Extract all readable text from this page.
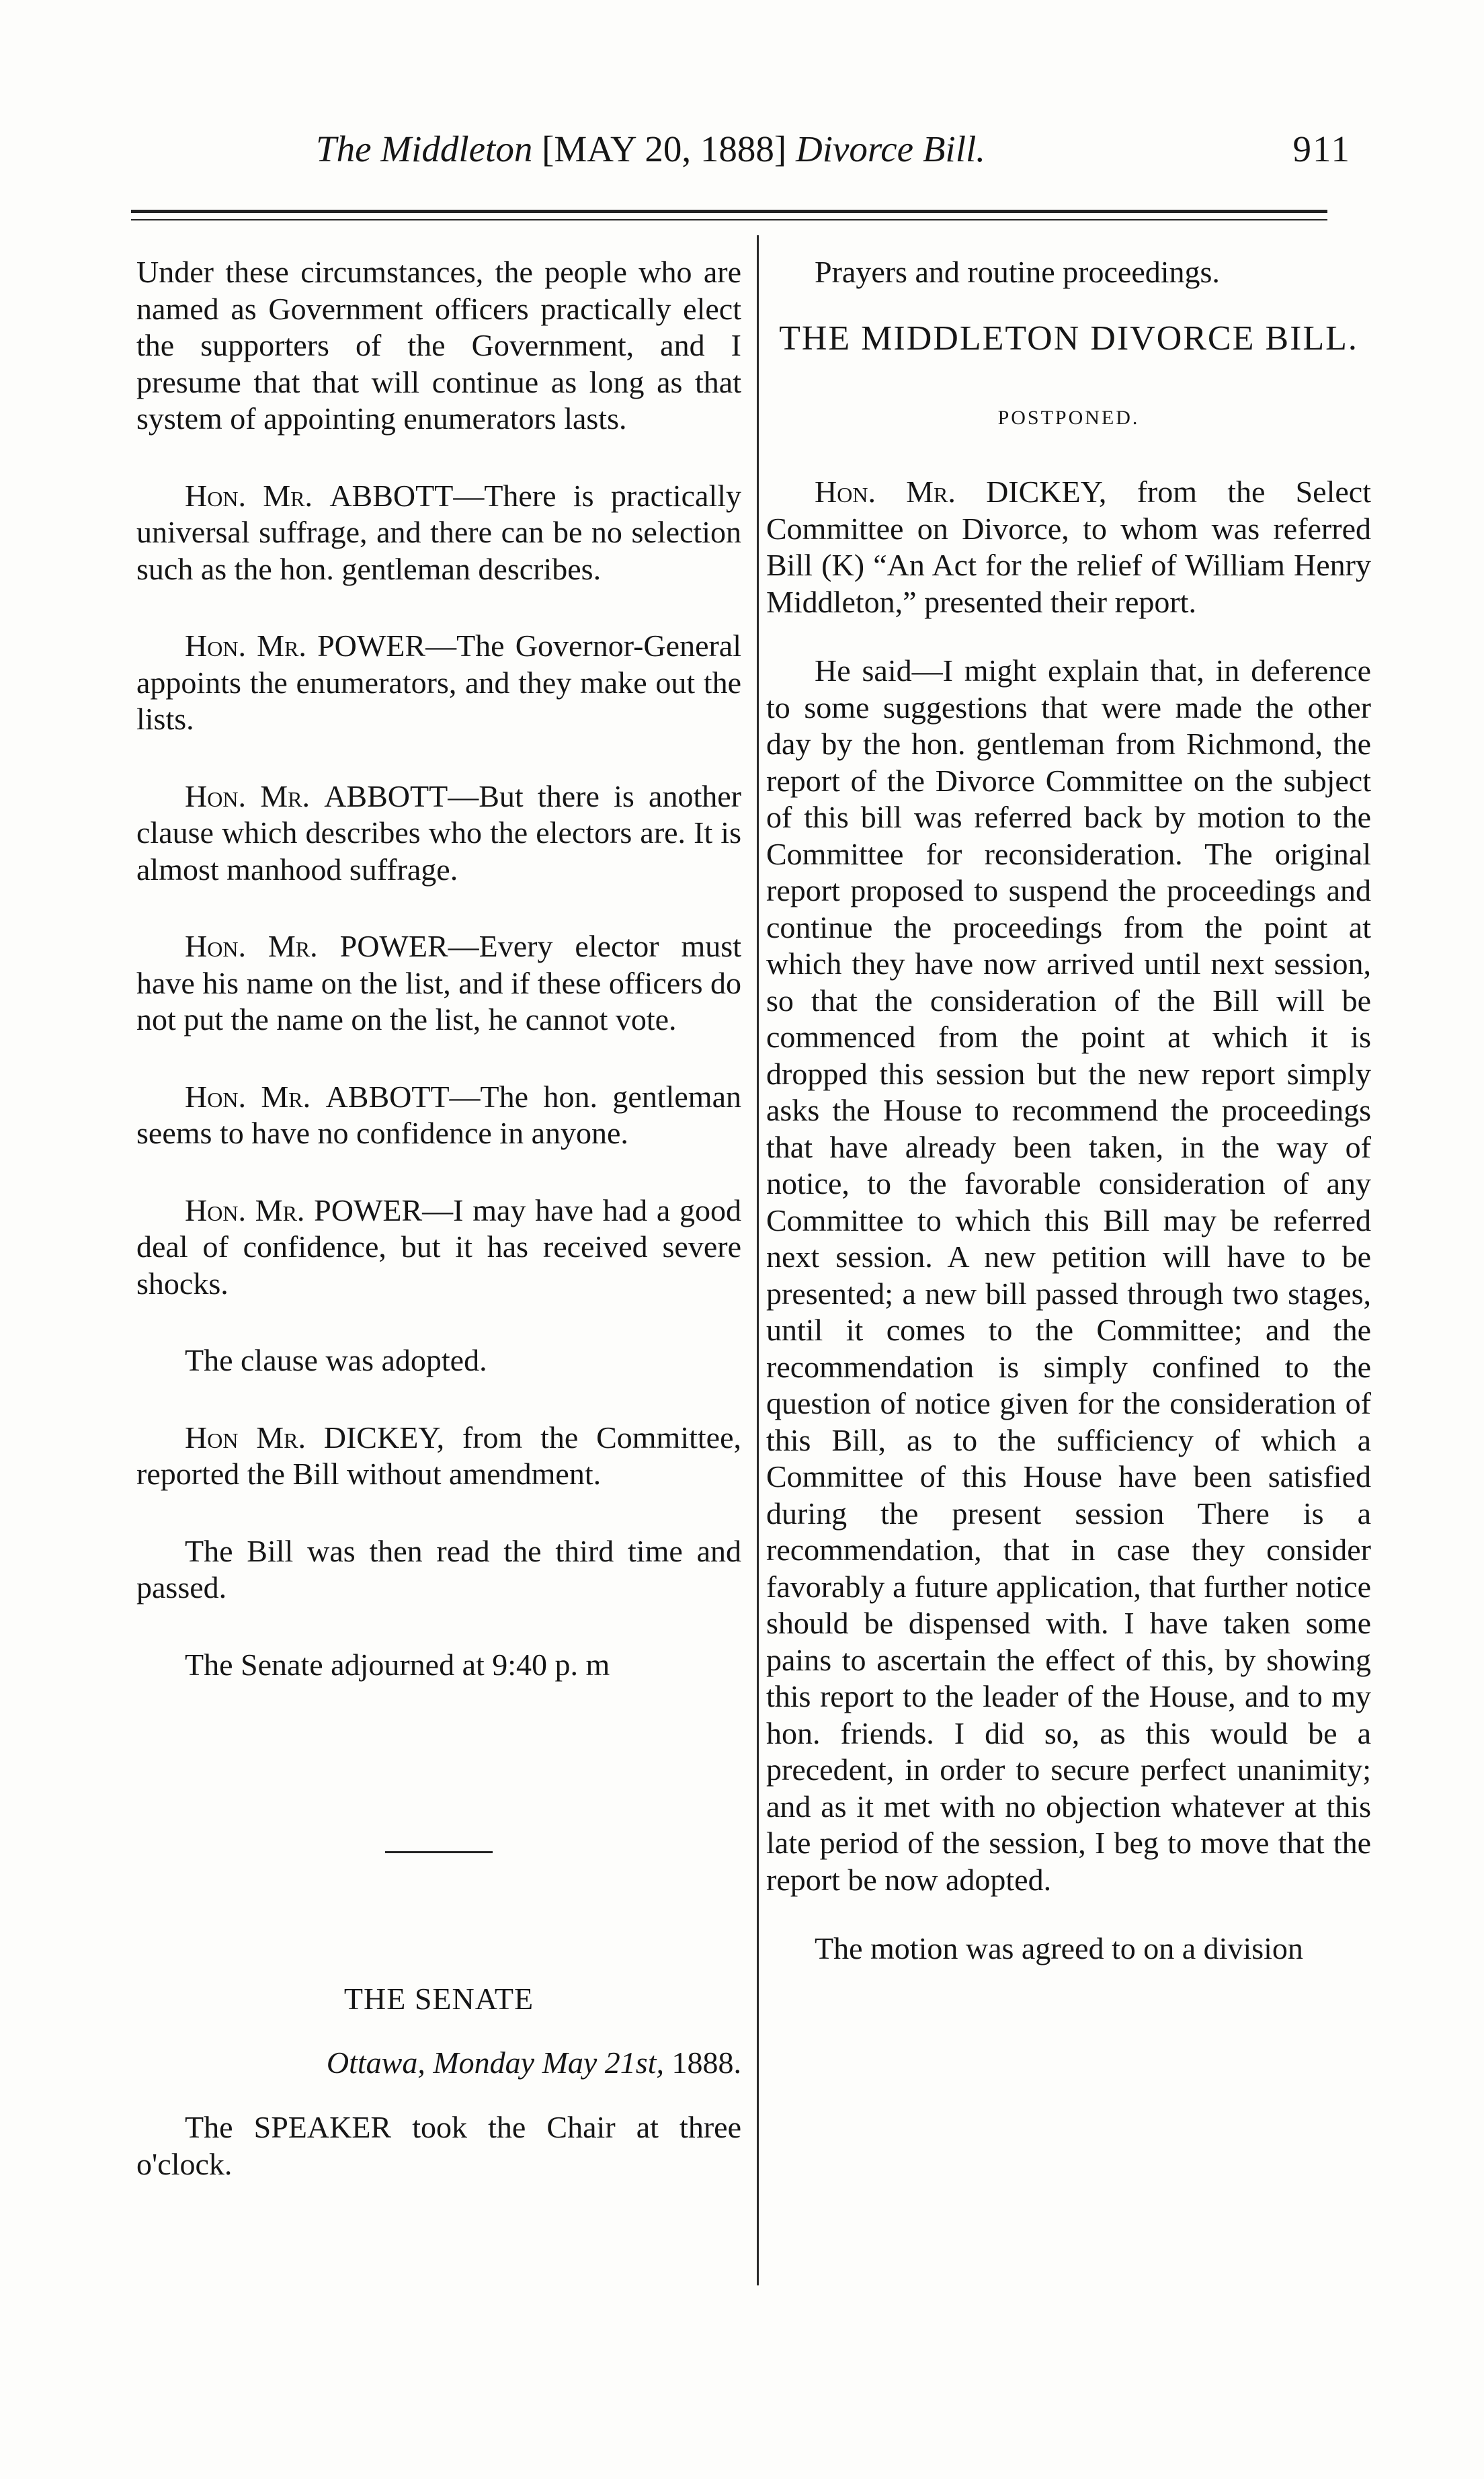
The Middleton [MAY 20, 1888] Divorce Bill.	911

Under these circumstances, the people who are named as Government officers practically elect the supporters of the Government, and I presume that that will continue as long as that system of appointing enumerators lasts.

Hon. Mr. ABBOTT—There is practically universal suffrage, and there can be no selection such as the hon. gentleman describes.

Hon. Mr. POWER—The Governor-General appoints the enumerators, and they make out the lists.

Hon. Mr. ABBOTT—But there is another clause which describes who the electors are. It is almost manhood suffrage.

Hon. Mr. POWER—Every elector must have his name on the list, and if these officers do not put the name on the list, he cannot vote.

Hon. Mr. ABBOTT—The hon. gentleman seems to have no confidence in anyone.

Hon. Mr. POWER—I may have had a good deal of confidence, but it has received severe shocks.

The clause was adopted.

Hon Mr. DICKEY, from the Committee, reported the Bill without amendment.

The Bill was then read the third time and passed.

The Senate adjourned at 9:40 p. m

THE SENATE

Ottawa, Monday May 21st, 1888.

The SPEAKER took the Chair at three o'clock.

Prayers and routine proceedings.

THE MIDDLETON DIVORCE BILL.

POSTPONED.

Hon. Mr. DICKEY, from the Select Committee on Divorce, to whom was referred Bill (K) “An Act for the relief of William Henry Middleton,” presented their report.

He said—I might explain that, in deference to some suggestions that were made the other day by the hon. gentleman from Richmond, the report of the Divorce Committee on the subject of this bill was referred back by motion to the Committee for reconsideration. The original report proposed to suspend the proceedings and continue the proceedings from the point at which they have now arrived until next session, so that the consideration of the Bill will be commenced from the point at which it is dropped this session but the new report simply asks the House to recommend the proceedings that have already been taken, in the way of notice, to the favorable consideration of any Committee to which this Bill may be referred next session. A new petition will have to be presented; a new bill passed through two stages, until it comes to the Committee; and the recommendation is simply confined to the question of notice given for the consideration of this Bill, as to the sufficiency of which a Committee of this House have been satisfied during the present session There is a recommendation, that in case they consider favorably a future application, that further notice should be dispensed with. I have taken some pains to ascertain the effect of this, by showing this report to the leader of the House, and to my hon. friends. I did so, as this would be a precedent, in order to secure perfect unanimity; and as it met with no objection whatever at this late period of the session, I beg to move that the report be now adopted.

The motion was agreed to on a division
